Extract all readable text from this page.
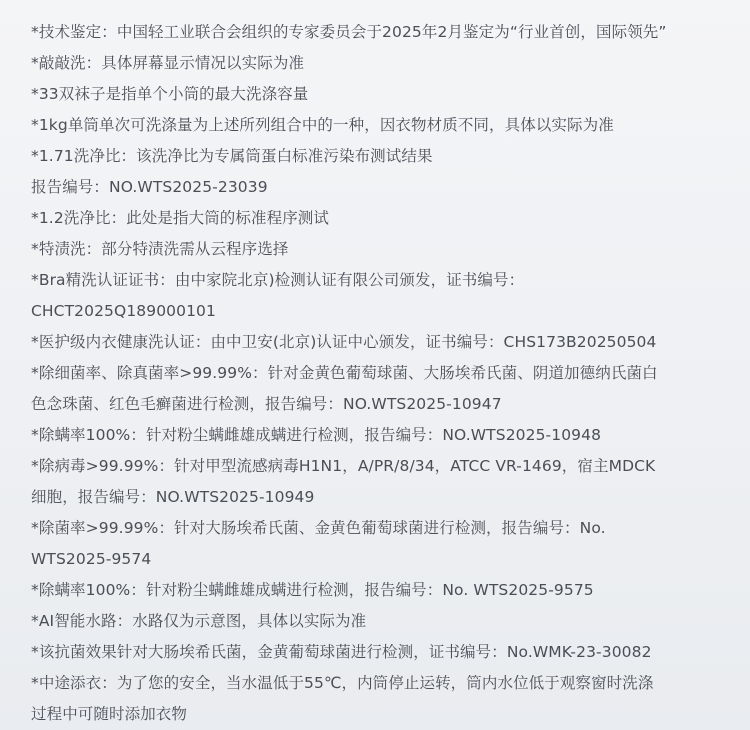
*技术鉴定：中国轻工业联合会组织的专家委员会于2025年2月鉴定为“行业首创，国际领先”
*敲敲洗：具体屏幕显示情况以实际为准
*33双袜子是指单个小筒的最大洗涤容量
*1kg单筒单次可洗涤量为上述所列组合中的一种，因衣物材质不同，具体以实际为准
*1.71洗净比：该洗净比为专属筒蛋白标准污染布测试结果
报告编号：NO.WTS2025-23039
*1.2洗净比：此处是指大筒的标准程序测试
*特渍洗：部分特渍洗需从云程序选择
*Bra精洗认证证书：由中家院北京)检测认证有限公司颁发，证书编号：
CHCT2025Q189000101
*医护级内衣健康洗认证：由中卫安(北京)认证中心颁发，证书编号：CHS173B20250504
*除细菌率、除真菌率>99.99%：针对金黄色葡萄球菌、大肠埃希氏菌、阴道加德纳氏菌白
色念珠菌、红色毛癣菌进行检测，报告编号：NO.WTS2025-10947
*除螨率100%：针对粉尘螨雌雄成螨进行检测，报告编号：NO.WTS2025-10948
*除病毒>99.99%：针对甲型流感病毒H1N1，A/PR/8/34，ATCC VR-1469，宿主MDCK
细胞，报告编号：NO.WTS2025-10949
*除菌率>99.99%：针对大肠埃希氏菌、金黄色葡萄球菌进行检测，报告编号：No.
WTS2025-9574
*除螨率100%：针对粉尘螨雌雄成螨进行检测，报告编号：No. WTS2025-9575
*AI智能水路：水路仅为示意图，具体以实际为准
*该抗菌效果针对大肠埃希氏菌，金黄葡萄球菌进行检测，证书编号：No.WMK-23-30082
*中途添衣：为了您的安全，当水温低于55℃，内筒停止运转，筒内水位低于观察窗时洗涤
过程中可随时添加衣物
